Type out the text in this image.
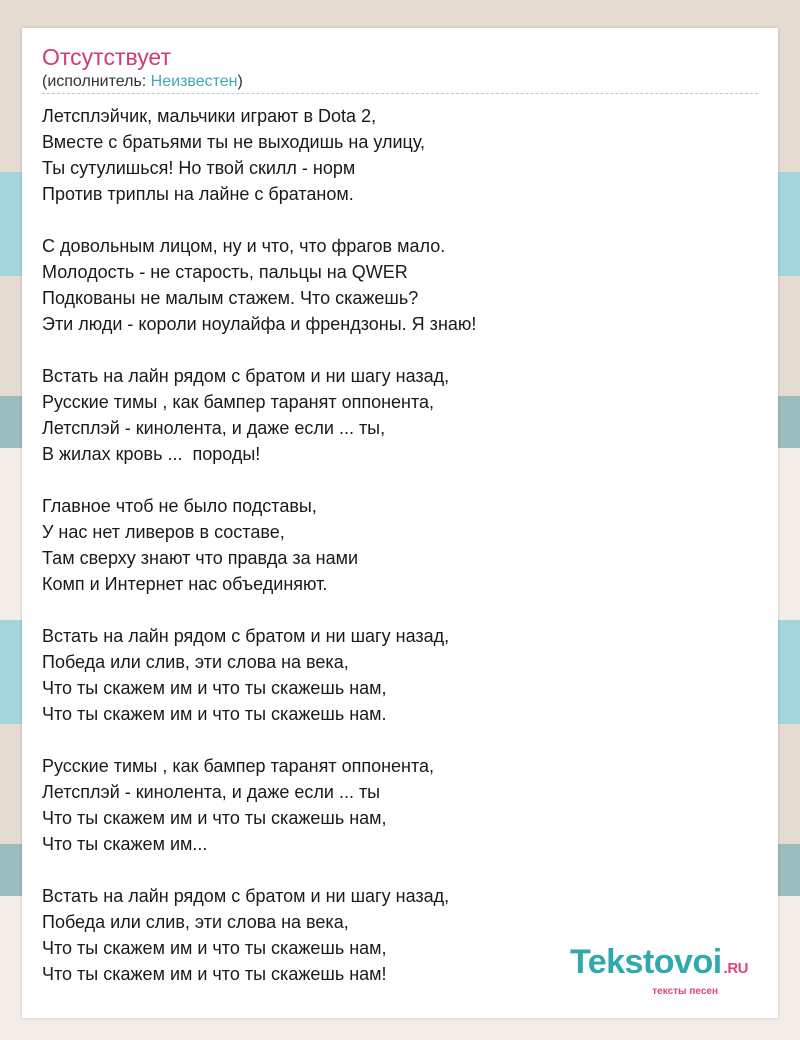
Отсутствует
(исполнитель: Неизвестен)
Летсплэйчик, мальчики играют в Dota 2,
Вместе с братьями ты не выходишь на улицу,
Ты сутулишься! Но твой скилл - норм
Против триплы на лайне с братаном.
С довольным лицом, ну и что, что фрагов мало.
Молодость - не старость, пальцы на QWER
Подкованы не малым стажем. Что скажешь?
Эти люди - короли ноулайфа и френдзоны. Я знаю!
Встать на лайн рядом с братом и ни шагу назад,
Русские тимы , как бампер таранят оппонента,
Летсплэй - кинолента, и даже если ... ты,
В жилах кровь ...  породы!
Главное чтоб не было подставы,
У нас нет ливеров в составе,
Там сверху знают что правда за нами
Комп и Интернет нас объединяют.
Встать на лайн рядом с братом и ни шагу назад,
Победа или слив, эти слова на века,
Что ты скажем им и что ты скажешь нам,
Что ты скажем им и что ты скажешь нам.
Русские тимы , как бампер таранят оппонента,
Летсплэй - кинолента, и даже если ... ты
Что ты скажем им и что ты скажешь нам,
Что ты скажем им...
Встать на лайн рядом с братом и ни шагу назад,
Победа или слив, эти слова на века,
Что ты скажем им и что ты скажешь нам,
Что ты скажем им и что ты скажешь нам!	Tekstovoi .RU
тексты песен
